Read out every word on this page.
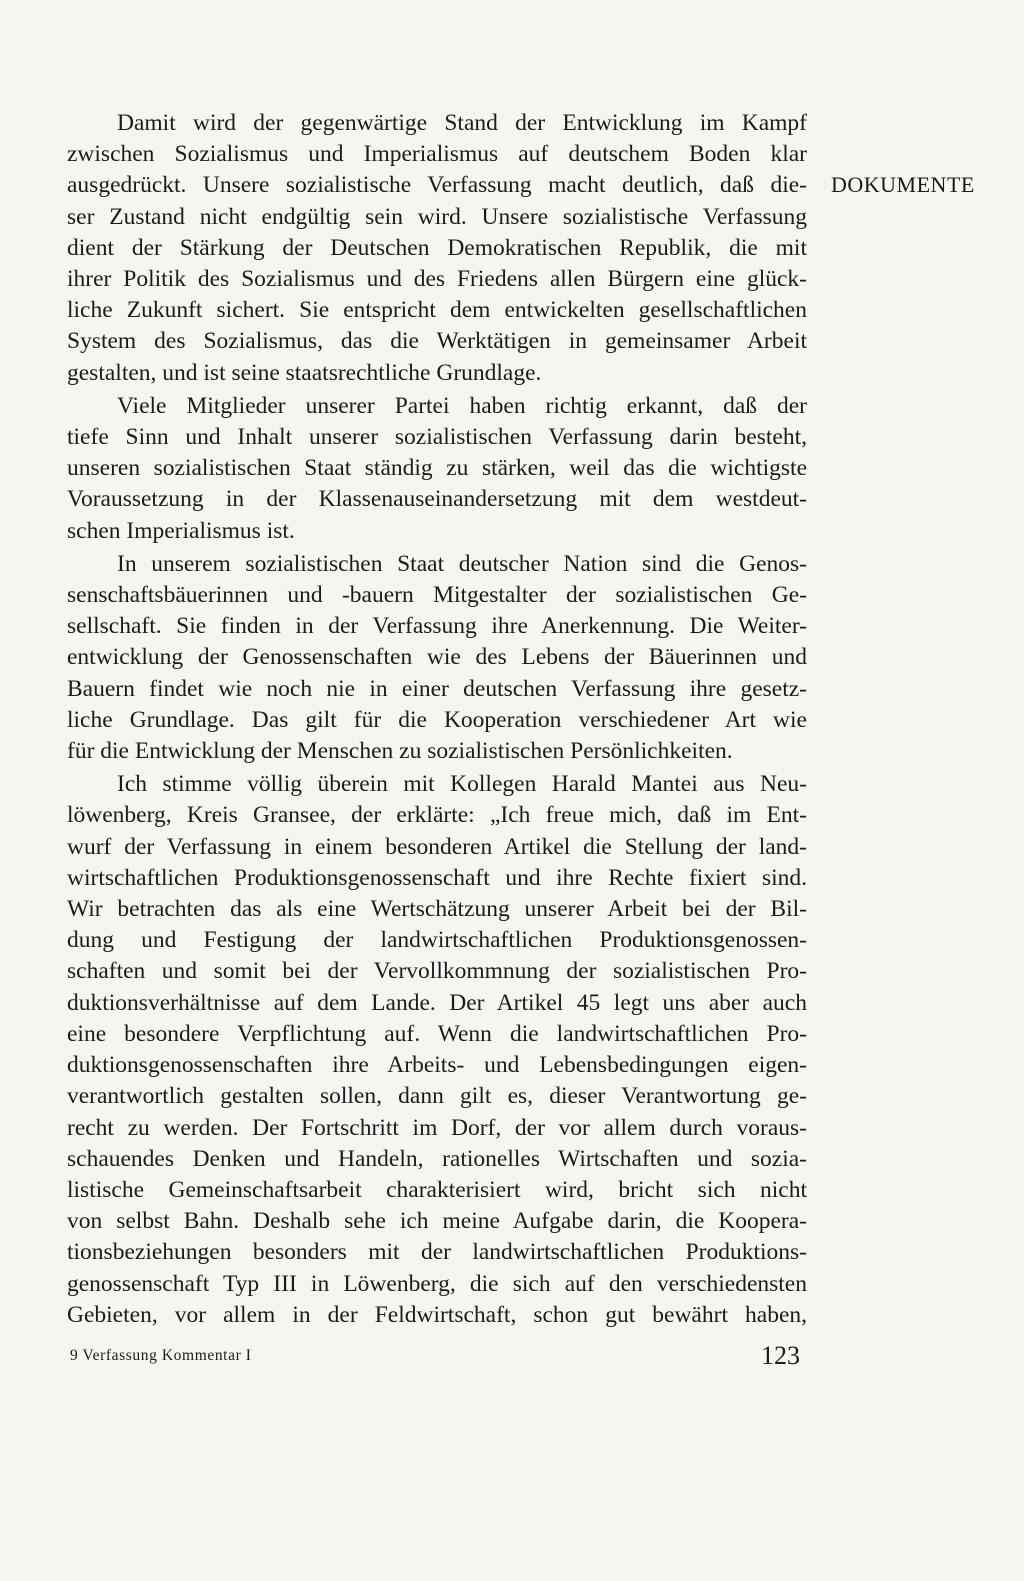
Damit wird der gegenwärtige Stand der Entwicklung im Kampf
zwischen Sozialismus und Imperialismus auf deutschem Boden klar
ausgedrückt. Unsere sozialistische Verfassung macht deutlich, daß die-
ser Zustand nicht endgültig sein wird. Unsere sozialistische Verfassung
dient der Stärkung der Deutschen Demokratischen Republik, die mit
ihrer Politik des Sozialismus und des Friedens allen Bürgern eine glück-
liche Zukunft sichert. Sie entspricht dem entwickelten gesellschaftlichen
System des Sozialismus, das die Werktätigen in gemeinsamer Arbeit
gestalten, und ist seine staatsrechtliche Grundlage.

Viele Mitglieder unserer Partei haben richtig erkannt, daß der
tiefe Sinn und Inhalt unserer sozialistischen Verfassung darin besteht,
unseren sozialistischen Staat ständig zu stärken, weil das die wichtigste
Voraussetzung in der Klassenauseinandersetzung mit dem westdeut-
schen Imperialismus ist.

In unserem sozialistischen Staat deutscher Nation sind die Genos-
senschaftsbäuerinnen und -bauern Mitgestalter der sozialistischen Ge-
sellschaft. Sie finden in der Verfassung ihre Anerkennung. Die Weiter-
entwicklung der Genossenschaften wie des Lebens der Bäuerinnen und
Bauern findet wie noch nie in einer deutschen Verfassung ihre gesetz-
liche Grundlage. Das gilt für die Kooperation verschiedener Art wie
für die Entwicklung der Menschen zu sozialistischen Persönlichkeiten.

Ich stimme völlig überein mit Kollegen Harald Mantei aus Neu-
löwenberg, Kreis Gransee, der erklärte: „Ich freue mich, daß im Ent-
wurf der Verfassung in einem besonderen Artikel die Stellung der land-
wirtschaftlichen Produktionsgenossenschaft und ihre Rechte fixiert sind.
Wir betrachten das als eine Wertschätzung unserer Arbeit bei der Bil-
dung und Festigung der landwirtschaftlichen Produktionsgenossen-
schaften und somit bei der Vervollkommnung der sozialistischen Pro-
duktionsverhältnisse auf dem Lande. Der Artikel 45 legt uns aber auch
eine besondere Verpflichtung auf. Wenn die landwirtschaftlichen Pro-
duktionsgenossenschaften ihre Arbeits- und Lebensbedingungen eigen-
verantwortlich gestalten sollen, dann gilt es, dieser Verantwortung ge-
recht zu werden. Der Fortschritt im Dorf, der vor allem durch voraus-
schauendes Denken und Handeln, rationelles Wirtschaften und sozia-
listische Gemeinschaftsarbeit charakterisiert wird, bricht sich nicht
von selbst Bahn. Deshalb sehe ich meine Aufgabe darin, die Koopera-
tionsbeziehungen besonders mit der landwirtschaftlichen Produktions-
genossenschaft Typ III in Löwenberg, die sich auf den verschiedensten
Gebieten, vor allem in der Feldwirtschaft, schon gut bewährt haben,

DOKUMENTE
9 Verfassung Kommentar I	123
